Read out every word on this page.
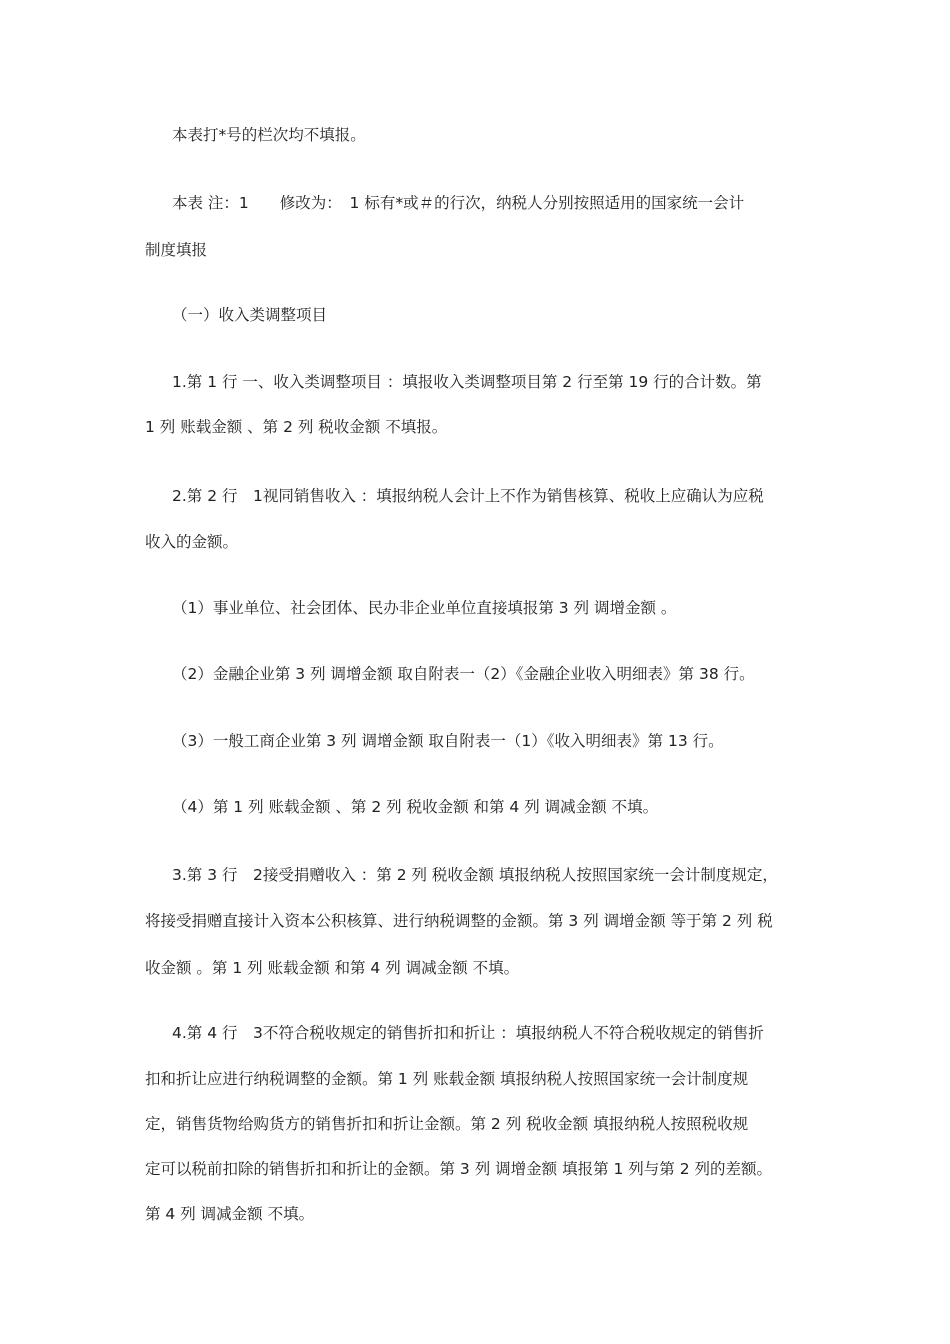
本表打*号的栏次均不填报。
本表 注：1　　修改为：　1 标有*或＃的行次，纳税人分别按照适用的国家统一会计
制度填报
（一）收入类调整项目
1.第 1 行 一、收入类调整项目 ：填报收入类调整项目第 2 行至第 19 行的合计数。第
1 列 账载金额 、第 2 列 税收金额 不填报。
2.第 2 行　1视同销售收入 ：填报纳税人会计上不作为销售核算、税收上应确认为应税
收入的金额。
（1）事业单位、社会团体、民办非企业单位直接填报第 3 列 调增金额 。
（2）金融企业第 3 列 调增金额 取自附表一（2）《金融企业收入明细表》第 38 行。
（3）一般工商企业第 3 列 调增金额 取自附表一（1）《收入明细表》第 13 行。
（4）第 1 列 账载金额 、第 2 列 税收金额 和第 4 列 调减金额 不填。
3.第 3 行　2接受捐赠收入 ：第 2 列 税收金额 填报纳税人按照国家统一会计制度规定，
将接受捐赠直接计入资本公积核算、进行纳税调整的金额。第 3 列 调增金额 等于第 2 列 税
收金额 。第 1 列 账载金额 和第 4 列 调减金额 不填。
4.第 4 行　3不符合税收规定的销售折扣和折让 ：填报纳税人不符合税收规定的销售折
扣和折让应进行纳税调整的金额。第 1 列 账载金额 填报纳税人按照国家统一会计制度规
定，销售货物给购货方的销售折扣和折让金额。第 2 列 税收金额 填报纳税人按照税收规
定可以税前扣除的销售折扣和折让的金额。第 3 列 调增金额 填报第 1 列与第 2 列的差额。
第 4 列 调减金额 不填。
